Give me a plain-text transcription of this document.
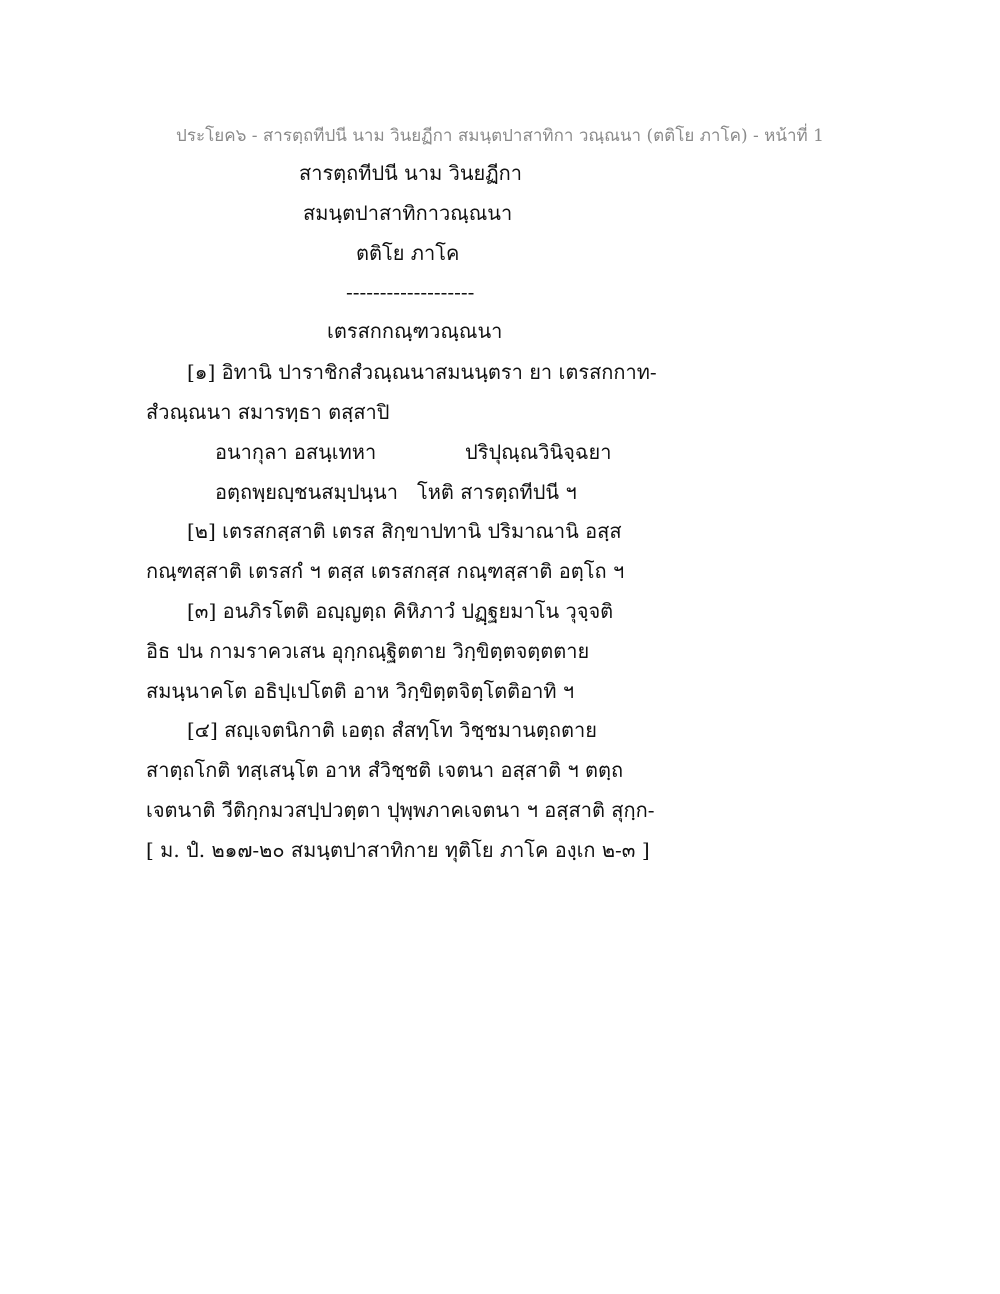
ประโยค๖ - สารตฺถทีปนี นาม วินยฏีกา สมนฺตปาสาทิกา วณฺณนา (ตติโย ภาโค) - หน้าที่ 1
สารตฺถทีปนี นาม วินยฏีกา
สมนฺตปาสาทิกาวณฺณนา
ตติโย ภาโค
-------------------
เตรสกกณฺฑวณฺณนา
[๑] อิทานิ ปาราชิกสํวณฺณนาสมนนฺตรา ยา เตรสกกาท-
สํวณฺณนา สมารทฺธา ตสฺสาปิ
อนากุลา อสนฺเทหา	ปริปุณฺณวินิจฺฉยา
อตฺถพฺยญฺชนสมฺปนฺนา โหติ สารตฺถทีปนี ฯ
[๒] เตรสกสฺสาติ เตรส สิกฺขาปทานิ ปริมาณานิ อสฺส
กณฺฑสฺสาติ เตรสกํ ฯ ตสฺส เตรสกสฺส กณฺฑสฺสาติ อตฺโถ ฯ
[๓] อนภิรโตติ อญฺญตฺถ คิหิภาวํ ปฏฺฐยมาโน วุจฺจติ
อิธ ปน กามราควเสน อุกฺกณฺฐิตตาย วิกฺขิตฺตจตฺตตาย
สมนฺนาคโต อธิปฺเปโตติ อาห วิกฺขิตฺตจิตฺโตติอาทิ ฯ
[๔] สญฺเจตนิกาติ เอตฺถ สํสทฺโท วิชฺชมานตฺถตาย
สาตฺถโกติ ทสฺเสนฺโต อาห สํวิชฺชติ เจตนา อสฺสาติ ฯ ตตฺถ
เจตนาติ วีติกฺกมวสปฺปวตฺตา ปุพฺพภาคเจตนา ฯ อสฺสาติ สุกฺก-
[ ม. ปํ. ๒๑๗-๒๐ สมนฺตปาสาทิกาย ทุติโย ภาโค องฺเก ๒-๓ ]
